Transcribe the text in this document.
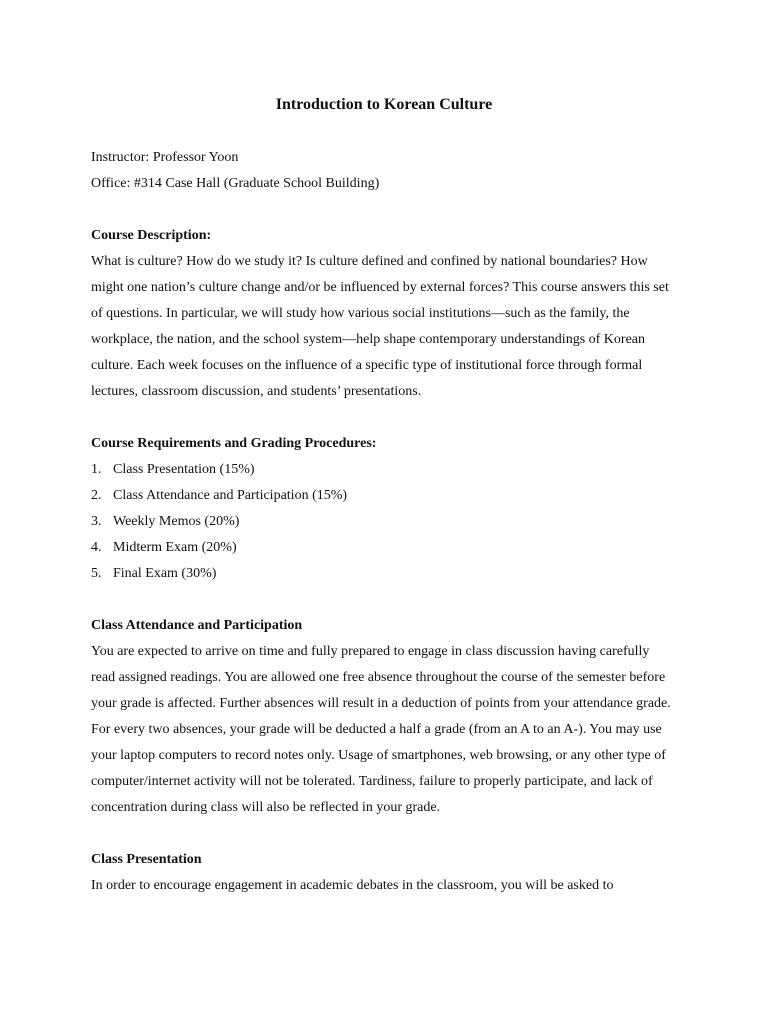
Introduction to Korean Culture
Instructor: Professor Yoon
Office: #314 Case Hall (Graduate School Building)
Course Description:

What is culture? How do we study it? Is culture defined and confined by national boundaries? How might one nation’s culture change and/or be influenced by external forces? This course answers this set of questions. In particular, we will study how various social institutions—such as the family, the workplace, the nation, and the school system—help shape contemporary understandings of Korean culture. Each week focuses on the influence of a specific type of institutional force through formal lectures, classroom discussion, and students’ presentations.

Course Requirements and Grading Procedures:
1. Class Presentation (15%)
2. Class Attendance and Participation (15%)
3. Weekly Memos (20%)
4. Midterm Exam (20%)
5. Final Exam (30%)
Class Attendance and Participation

You are expected to arrive on time and fully prepared to engage in class discussion having carefully read assigned readings. You are allowed one free absence throughout the course of the semester before your grade is affected. Further absences will result in a deduction of points from your attendance grade. For every two absences, your grade will be deducted a half a grade (from an A to an A-). You may use your laptop computers to record notes only. Usage of smartphones, web browsing, or any other type of computer/internet activity will not be tolerated. Tardiness, failure to properly participate, and lack of concentration during class will also be reflected in your grade.

Class Presentation

In order to encourage engagement in academic debates in the classroom, you will be asked to
